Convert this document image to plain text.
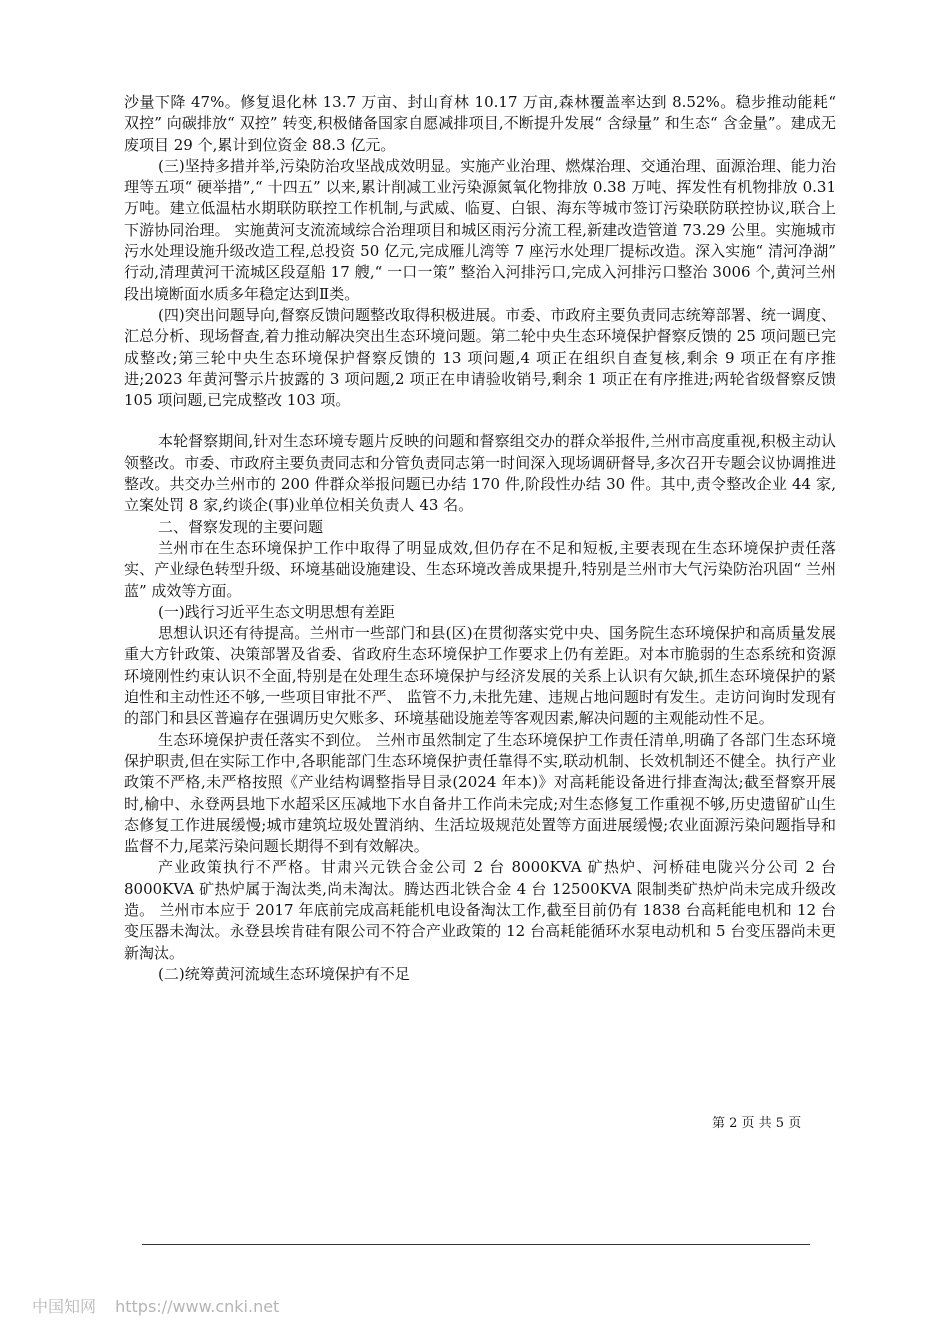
沙量下降 47%。修复退化林 13.7 万亩、封山育林 10.17 万亩,森林覆盖率达到 8.52%。稳步推动能耗“ 双控” 向碳排放“ 双控” 转变,积极储备国家自愿减排项目,不断提升发展“ 含绿量” 和生态“ 含金量”。建成无废项目 29 个,累计到位资金 88.3 亿元。

(三)坚持多措并举,污染防治攻坚战成效明显。实施产业治理、燃煤治理、交通治理、面源治理、能力治理等五项“ 硬举措”,“ 十四五” 以来,累计削减工业污染源氮氧化物排放 0.38 万吨、挥发性有机物排放 0.31 万吨。建立低温枯水期联防联控工作机制,与武威、临夏、白银、海东等城市签订污染联防联控协议,联合上下游协同治理。 实施黄河支流流域综合治理项目和城区雨污分流工程,新建改造管道 73.29 公里。实施城市污水处理设施升级改造工程,总投资 50 亿元,完成雁儿湾等 7 座污水处理厂提标改造。深入实施“ 清河净湖” 行动,清理黄河干流城区段趸船 17 艘,“ 一口一策” 整治入河排污口,完成入河排污口整治 3006 个,黄河兰州段出境断面水质多年稳定达到Ⅱ类。

(四)突出问题导向,督察反馈问题整改取得积极进展。市委、市政府主要负责同志统筹部署、统一调度、汇总分析、现场督查,着力推动解决突出生态环境问题。第二轮中央生态环境保护督察反馈的 25 项问题已完成整改;第三轮中央生态环境保护督察反馈的 13 项问题,4 项正在组织自查复核,剩余 9 项正在有序推进;2023 年黄河警示片披露的 3 项问题,2 项正在申请验收销号,剩余 1 项正在有序推进;两轮省级督察反馈 105 项问题,已完成整改 103 项。

本轮督察期间,针对生态环境专题片反映的问题和督察组交办的群众举报件,兰州市高度重视,积极主动认领整改。市委、市政府主要负责同志和分管负责同志第一时间深入现场调研督导,多次召开专题会议协调推进整改。共交办兰州市的 200 件群众举报问题已办结 170 件,阶段性办结 30 件。其中,责令整改企业 44 家,立案处罚 8 家,约谈企(事)业单位相关负责人 43 名。

二、督察发现的主要问题

兰州市在生态环境保护工作中取得了明显成效,但仍存在不足和短板,主要表现在生态环境保护责任落实、产业绿色转型升级、环境基础设施建设、生态环境改善成果提升,特别是兰州市大气污染防治巩固“ 兰州蓝” 成效等方面。

(一)践行习近平生态文明思想有差距

思想认识还有待提高。兰州市一些部门和县(区)在贯彻落实党中央、国务院生态环境保护和高质量发展重大方针政策、决策部署及省委、省政府生态环境保护工作要求上仍有差距。对本市脆弱的生态系统和资源环境刚性约束认识不全面,特别是在处理生态环境保护与经济发展的关系上认识有欠缺,抓生态环境保护的紧迫性和主动性还不够,一些项目审批不严、 监管不力,未批先建、违规占地问题时有发生。走访问询时发现有的部门和县区普遍存在强调历史欠账多、环境基础设施差等客观因素,解决问题的主观能动性不足。

生态环境保护责任落实不到位。 兰州市虽然制定了生态环境保护工作责任清单,明确了各部门生态环境保护职责,但在实际工作中,各职能部门生态环境保护责任靠得不实,联动机制、长效机制还不健全。执行产业政策不严格,未严格按照《产业结构调整指导目录(2024 年本)》对高耗能设备进行排查淘汰;截至督察开展时,榆中、永登两县地下水超采区压减地下水自备井工作尚未完成;对生态修复工作重视不够,历史遗留矿山生态修复工作进展缓慢;城市建筑垃圾处置消纳、生活垃圾规范处置等方面进展缓慢;农业面源污染问题指导和监督不力,尾菜污染问题长期得不到有效解决。

产业政策执行不严格。甘肃兴元铁合金公司 2 台 8000KVA 矿热炉、河桥硅电陇兴分公司 2 台 8000KVA 矿热炉属于淘汰类,尚未淘汰。腾达西北铁合金 4 台 12500KVA 限制类矿热炉尚未完成升级改造。 兰州市本应于 2017 年底前完成高耗能机电设备淘汰工作,截至目前仍有 1838 台高耗能电机和 12 台变压器未淘汰。永登县埃肯硅有限公司不符合产业政策的 12 台高耗能循环水泵电动机和 5 台变压器尚未更新淘汰。

(二)统筹黄河流域生态环境保护有不足

第 2 页 共 5 页
中国知网 https://www.cnki.net
